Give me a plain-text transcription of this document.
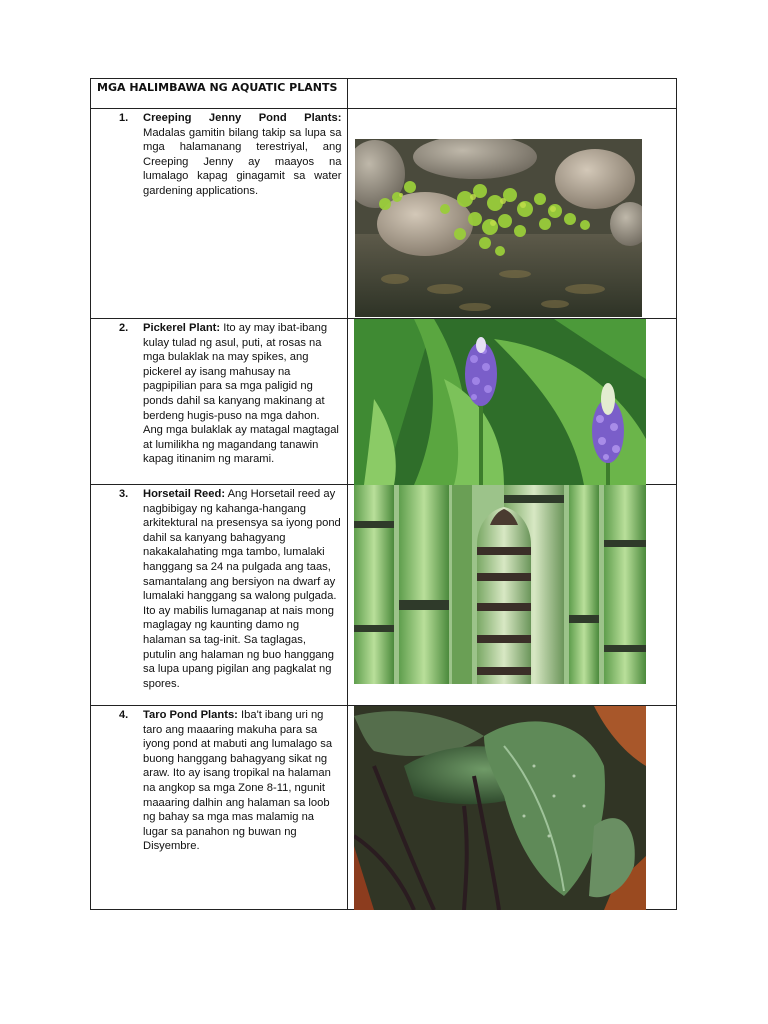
MGA HALIMBAWA NG AQUATIC PLANTS	

1. Creeping Jenny Pond Plants: Madalas gamitin bilang takip sa lupa sa mga halamanang terestriyal, ang Creeping Jenny ay maayos na lumalago kapag ginagamit sa water gardening applications.

2. Pickerel Plant: Ito ay may ibat-ibang kulay tulad ng asul, puti, at rosas na mga bulaklak na may spikes, ang pickerel ay isang mahusay na pagpipilian para sa mga paligid ng ponds dahil sa kanyang makinang at berdeng hugis-puso na mga dahon. Ang mga bulaklak ay matagal magtagal at lumilikha ng magandang tanawin kapag itinanim ng marami.

3. Horsetail Reed: Ang Horsetail reed ay nagbibigay ng kahanga-hangang arkitektural na presensya sa iyong pond dahil sa kanyang bahagyang nakakalahating mga tambo, lumalaki hanggang sa 24 na pulgada ang taas, samantalang ang bersiyon na dwarf ay lumalaki hanggang sa walong pulgada. Ito ay mabilis lumaganap at nais mong maglagay ng kaunting damo ng halaman sa tag-init. Sa taglagas, putulin ang halaman ng buo hanggang sa lupa upang pigilan ang pagkalat ng spores.

4. Taro Pond Plants: Iba't ibang uri ng taro ang maaaring makuha para sa iyong pond at mabuti ang lumalago sa buong hanggang bahagyang sikat ng araw. Ito ay isang tropikal na halaman na angkop sa mga Zone 8-11, ngunit maaaring dalhin ang halaman sa loob ng bahay sa mga mas malamig na lugar sa panahon ng buwan ng Disyembre.
